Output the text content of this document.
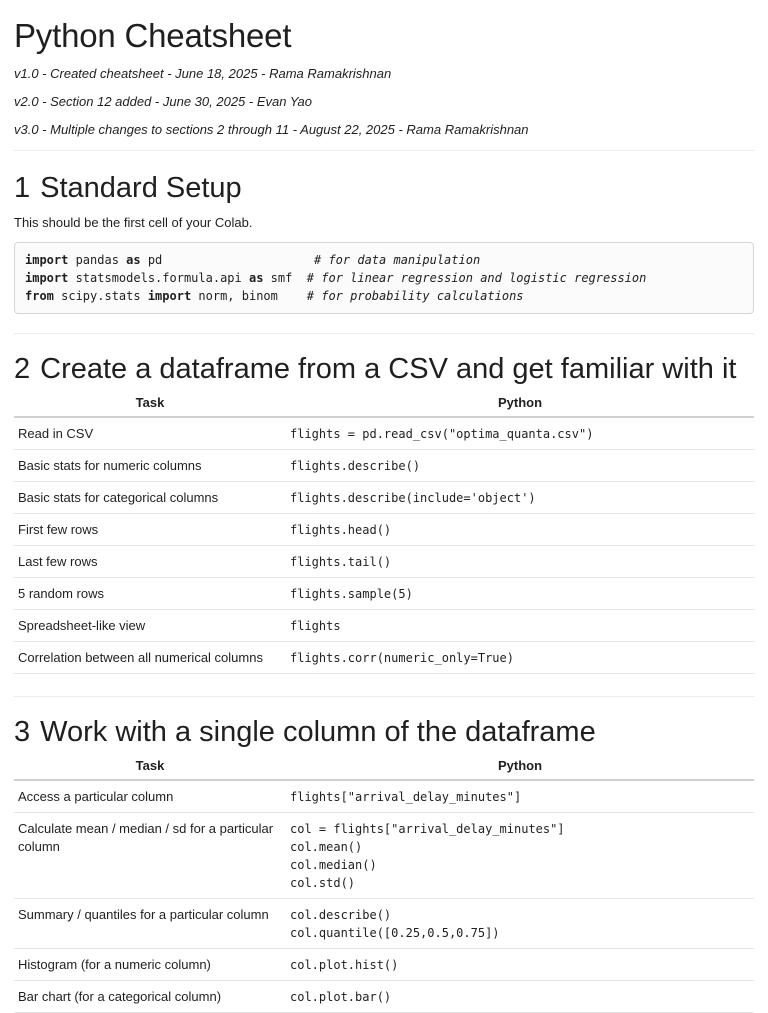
Python Cheatsheet

v1.0 - Created cheatsheet - June 18, 2025 - Rama Ramakrishnan

v2.0 - Section 12 added - June 30, 2025 - Evan Yao

v3.0 - Multiple changes to sections 2 through 11 - August 22, 2025 - Rama Ramakrishnan

1 Standard Setup

This should be the first cell of your Colab.

import pandas as pd                     # for data manipulation
import statsmodels.formula.api as smf  # for linear regression and logistic regression
from scipy.stats import norm, binom    # for probability calculations
2 Create a dataframe from a CSV and get familiar with it
Task	Python
Read in CSV	flights = pd.read_csv("optima_quanta.csv")
Basic stats for numeric columns	flights.describe()
Basic stats for categorical columns	flights.describe(include='object')
First few rows	flights.head()
Last few rows	flights.tail()
5 random rows	flights.sample(5)
Spreadsheet-like view	flights
Correlation between all numerical columns	flights.corr(numeric_only=True)
3 Work with a single column of the dataframe
Task	Python
Access a particular column	flights["arrival_delay_minutes"]
Calculate mean / median / sd for a particular column	col = flights["arrival_delay_minutes"]
col.mean()
col.median()
col.std()
Summary / quantiles for a particular column	col.describe()
col.quantile([0.25,0.5,0.75])
Histogram (for a numeric column)	col.plot.hist()
Bar chart (for a categorical column)	col.plot.bar()
